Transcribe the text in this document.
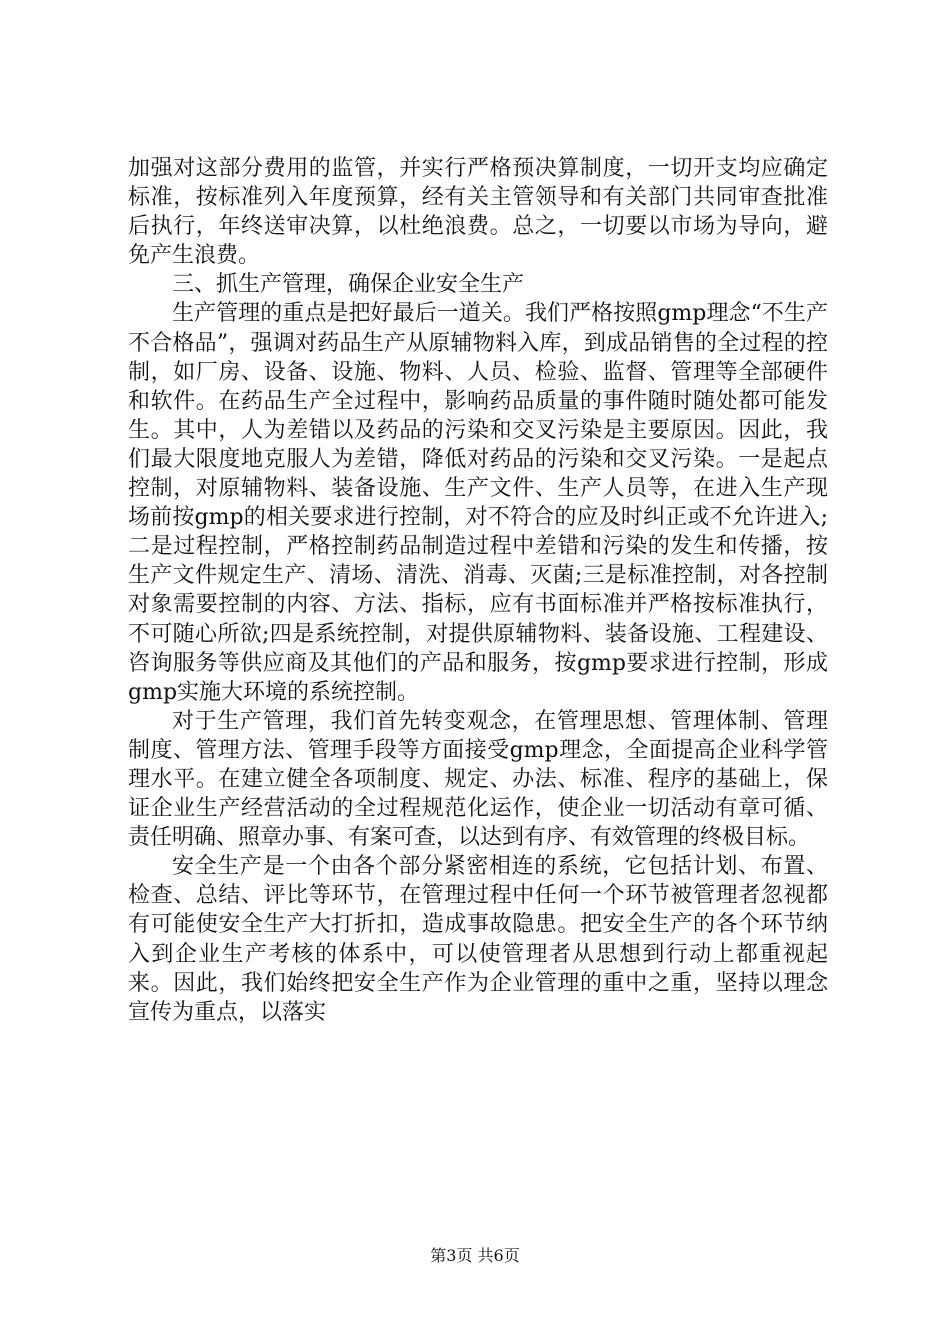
加强对这部分费用的监管，并实行严格预决算制度，一切开支均应确定标准，按标准列入年度预算，经有关主管领导和有关部门共同审查批准后执行，年终送审决算，以杜绝浪费。总之，一切要以市场为导向，避免产生浪费。

三、抓生产管理，确保企业安全生产

生产管理的重点是把好最后一道关。我们严格按照gmp理念“不生产不合格品”，强调对药品生产从原辅物料入库，到成品销售的全过程的控制，如厂房、设备、设施、物料、人员、检验、监督、管理等全部硬件和软件。在药品生产全过程中，影响药品质量的事件随时随处都可能发生。其中，人为差错以及药品的污染和交叉污染是主要原因。因此，我们最大限度地克服人为差错，降低对药品的污染和交叉污染。一是起点控制，对原辅物料、装备设施、生产文件、生产人员等，在进入生产现场前按gmp的相关要求进行控制，对不符合的应及时纠正或不允许进入;二是过程控制，严格控制药品制造过程中差错和污染的发生和传播，按生产文件规定生产、清场、清洗、消毒、灭菌;三是标准控制，对各控制对象需要控制的内容、方法、指标，应有书面标准并严格按标准执行，不可随心所欲;四是系统控制，对提供原辅物料、装备设施、工程建设、咨询服务等供应商及其他们的产品和服务，按gmp要求进行控制，形成gmp实施大环境的系统控制。

对于生产管理，我们首先转变观念，在管理思想、管理体制、管理制度、管理方法、管理手段等方面接受gmp理念，全面提高企业科学管理水平。在建立健全各项制度、规定、办法、标准、程序的基础上，保证企业生产经营活动的全过程规范化运作，使企业一切活动有章可循、责任明确、照章办事、有案可查，以达到有序、有效管理的终极目标。

安全生产是一个由各个部分紧密相连的系统，它包括计划、布置、检查、总结、评比等环节，在管理过程中任何一个环节被管理者忽视都有可能使安全生产大打折扣，造成事故隐患。把安全生产的各个环节纳入到企业生产考核的体系中，可以使管理者从思想到行动上都重视起来。因此，我们始终把安全生产作为企业管理的重中之重，坚持以理念宣传为重点，以落实

第3页 共6页
